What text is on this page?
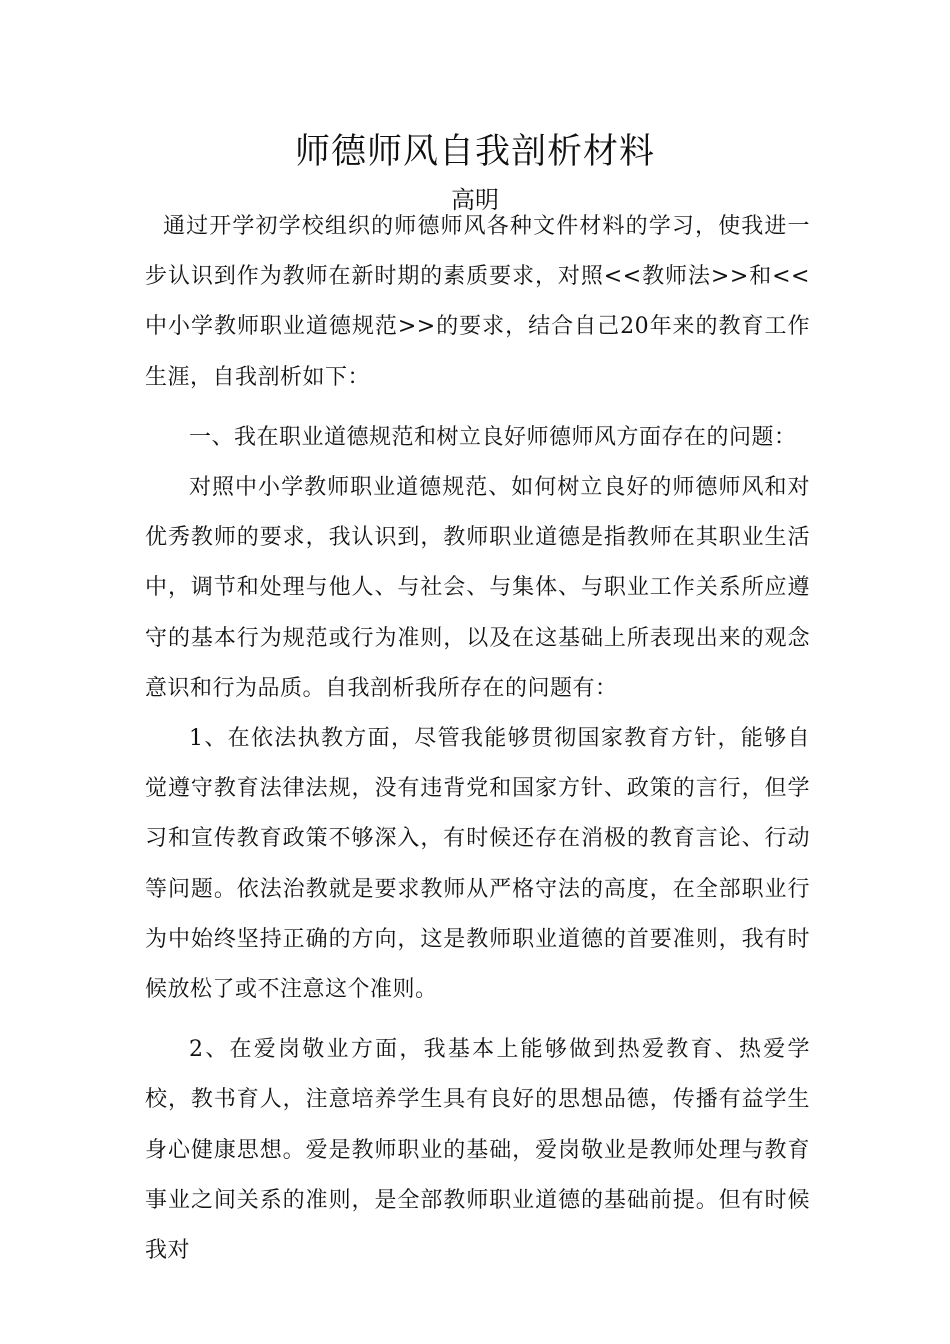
师德师风自我剖析材料
高明

通过开学初学校组织的师德师风各种文件材料的学习，使我进一步认识到作为教师在新时期的素质要求，对照<<教师法>>和<<中小学教师职业道德规范>>的要求，结合自己20年来的教育工作生涯，自我剖析如下：

一、我在职业道德规范和树立良好师德师风方面存在的问题：

对照中小学教师职业道德规范、如何树立良好的师德师风和对优秀教师的要求，我认识到，教师职业道德是指教师在其职业生活中，调节和处理与他人、与社会、与集体、与职业工作关系所应遵守的基本行为规范或行为准则，以及在这基础上所表现出来的观念意识和行为品质。自我剖析我所存在的问题有：

1、在依法执教方面，尽管我能够贯彻国家教育方针，能够自觉遵守教育法律法规，没有违背党和国家方针、政策的言行，但学习和宣传教育政策不够深入，有时候还存在消极的教育言论、行动等问题。依法治教就是要求教师从严格守法的高度，在全部职业行为中始终坚持正确的方向，这是教师职业道德的首要准则，我有时候放松了或不注意这个准则。

2、在爱岗敬业方面，我基本上能够做到热爱教育、热爱学校，教书育人，注意培养学生具有良好的思想品德，传播有益学生身心健康思想。爱是教师职业的基础，爱岗敬业是教师处理与教育事业之间关系的准则，是全部教师职业道德的基础前提。但有时候我对
